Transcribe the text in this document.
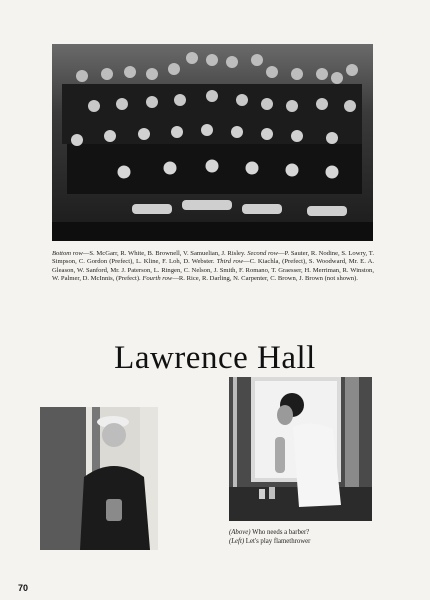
Bottom row—S. McGarr, R. White, B. Brownell, V. Samuelian, J. Risley. Second row—P. Sauter, R. Nodine, S. Lowry, T. Simpson, C. Gordon (Prefect), L. Kline, F. Loh, D. Webster. Third row—C. Kiachla, (Prefect), S. Woodward, Mr. E. A. Gleason, W. Sanford, Mr. J. Paterson, L. Ringen, C. Nelson, J. Smith, F. Romano, T. Graesser, H. Merriman, R. Winston, W. Palmer, D. McInnis, (Prefect). Fourth row—R. Rice, R. Darling, N. Carpenter, C. Brown, J. Brown (not shown).
Lawrence Hall
(Above) Who needs a barber?
(Left) Let's play flamethrower
70
